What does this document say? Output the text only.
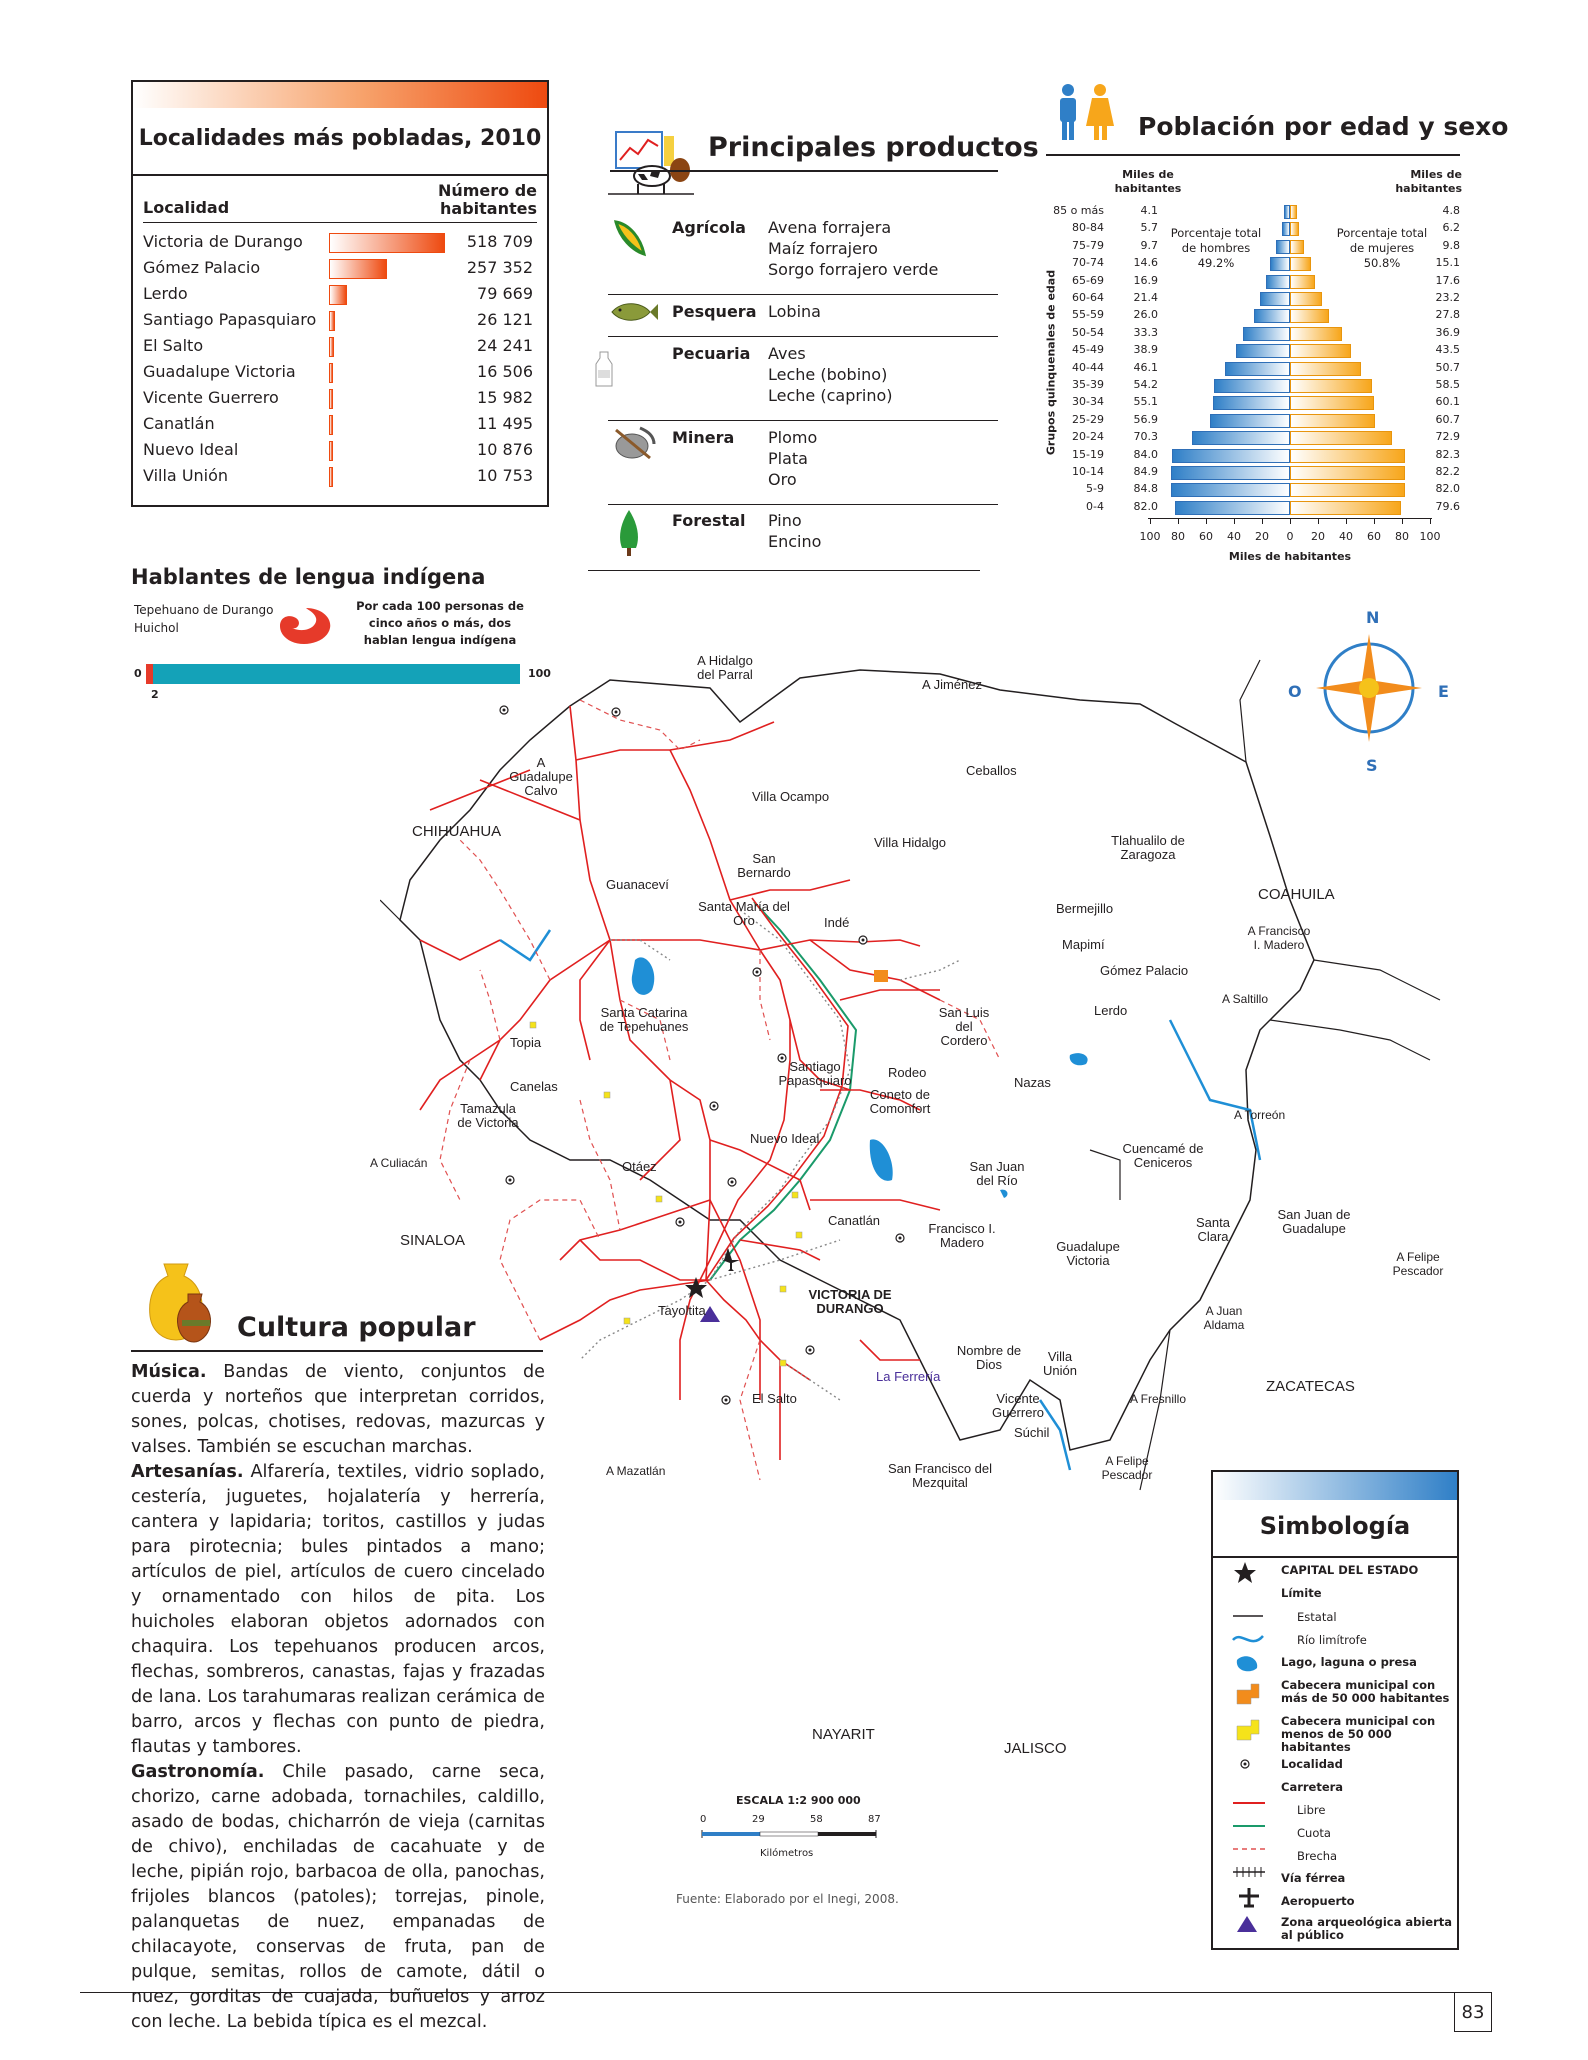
Localidades más pobladas, 2010
Localidad
Número de habitantes
Victoria de Durango	518 709
Gómez Palacio	257 352
Lerdo	79 669
Santiago Papasquiaro	26 121
El Salto	24 241
Guadalupe Victoria	16 506
Vicente Guerrero	15 982
Canatlán	11 495
Nuevo Ideal	10 876
Villa Unión	10 753
Principales productos
Agrícola Avena forrajera
Maíz forrajero
Sorgo forrajero verde
Pesquera Lobina
Pecuaria Aves
Leche (bobino)
Leche (caprino)
Minera Plomo
Plata
Oro
Forestal Pino
Encino
Población por edad y sexo
Miles de habitantes
Miles de habitantes
Porcentaje total de hombres
49.2%
Porcentaje total de mujeres
50.8%
Grupos quinquenales de edad
85 o más	4.1	4.8
80-84	5.7	6.2
75-79	9.7	9.8
70-74	14.6	15.1
65-69	16.9	17.6
60-64	21.4	23.2
55-59	26.0	27.8
50-54	33.3	36.9
45-49	38.9	43.5
40-44	46.1	50.7
35-39	54.2	58.5
30-34	55.1	60.1
25-29	56.9	60.7
20-24	70.3	72.9
15-19	84.0	82.3
10-14	84.9	82.2
5-9	84.8	82.0
0-4	82.0	79.6
100 80	60	40	20	0	20	40	60	80 100
Miles de habitantes
Hablantes de lengua indígena
Tepehuano de Durango
Huichol
Por cada 100 personas de cinco años o más, dos hablan lengua indígena
0	100
2
N
S
E
O
CHIHUAHUA
COAHUILA
SINALOA
ZACATECAS
NAYARIT
JALISCO
A Hidalgo del Parral
A Jiménez
A Guadalupe Calvo	Villa Ocampo
Ceballos
Villa Hidalgo	Tlahualilo de Zaragoza
San Bernardo
Guanaceví
Santa María del Oro	Indé
Bermejillo
Mapimí
A Francisco I. Madero
Gómez Palacio
A Saltillo
Lerdo
San Luis del Cordero
Santa Catarina de Tepehuanes
Topia
Santiago Papasquiaro
Rodeo
Nazas
Canelas
Coneto de Comonfort
Tamazula de Victoria	A Torreón
Nuevo Ideal
A Culiacán	Otáez
Cuencamé de Ceniceros
San Juan del Río
San Juan de Guadalupe
Canatlán
Francisco I. Madero
Santa Clara
Guadalupe Victoria	A Felipe Pescador
Tayoltita
VICTORIA DE DURANGO	A Juan Aldama
Nombre de Dios
Villa Unión
La Ferrería
El Salto	Vicente Guerrero
A Fresnillo
Súchil
A Mazatlán	San Francisco del Mezquital
A Felipe Pescador
ESCALA 1:2 900 000
0	29	58	87
Kilómetros
Fuente: Elaborado por el Inegi, 2008.
Cultura popular
Música. Bandas de viento, conjuntos de cuerda y norteños que interpretan corridos, sones, polcas, chotises, redovas, mazurcas y valses. También se escuchan marchas.
Artesanías. Alfarería, textiles, vidrio soplado, cestería, juguetes, hojalatería y herrería, cantera y lapidaria; toritos, castillos y judas para pirotecnia; bules pintados a mano; artículos de piel, artículos de cuero cincelado y ornamentado con hilos de pita. Los huicholes elaboran objetos adornados con chaquira. Los tepehuanos producen arcos, flechas, sombreros, canastas, fajas y frazadas de lana. Los tarahumaras realizan cerámica de barro, arcos y flechas con punto de piedra, flautas y tambores.
Gastronomía. Chile pasado, carne seca, chorizo, carne adobada, tornachiles, caldillo, asado de bodas, chicharrón de vieja (carnitas de chivo), enchiladas de cacahuate y de leche, pipián rojo, barbacoa de olla, panochas, frijoles blancos (patoles); torrejas, pinole, palanquetas de nuez, empanadas de chilacayote, conservas de fruta, pan de pulque, semitas, rollos de camote, dátil o nuez, gorditas de cuajada, buñuelos y arroz con leche. La bebida típica es el mezcal.
Simbología
CAPITAL DEL ESTADO
Límite
Estatal
Río limítrofe
Lago, laguna o presa
Cabecera municipal con más de 50 000 habitantes
Cabecera municipal con menos de 50 000 habitantes
Localidad
Carretera
Libre
Cuota
Brecha
Vía férrea
Aeropuerto
Zona arqueológica abierta al público
83
